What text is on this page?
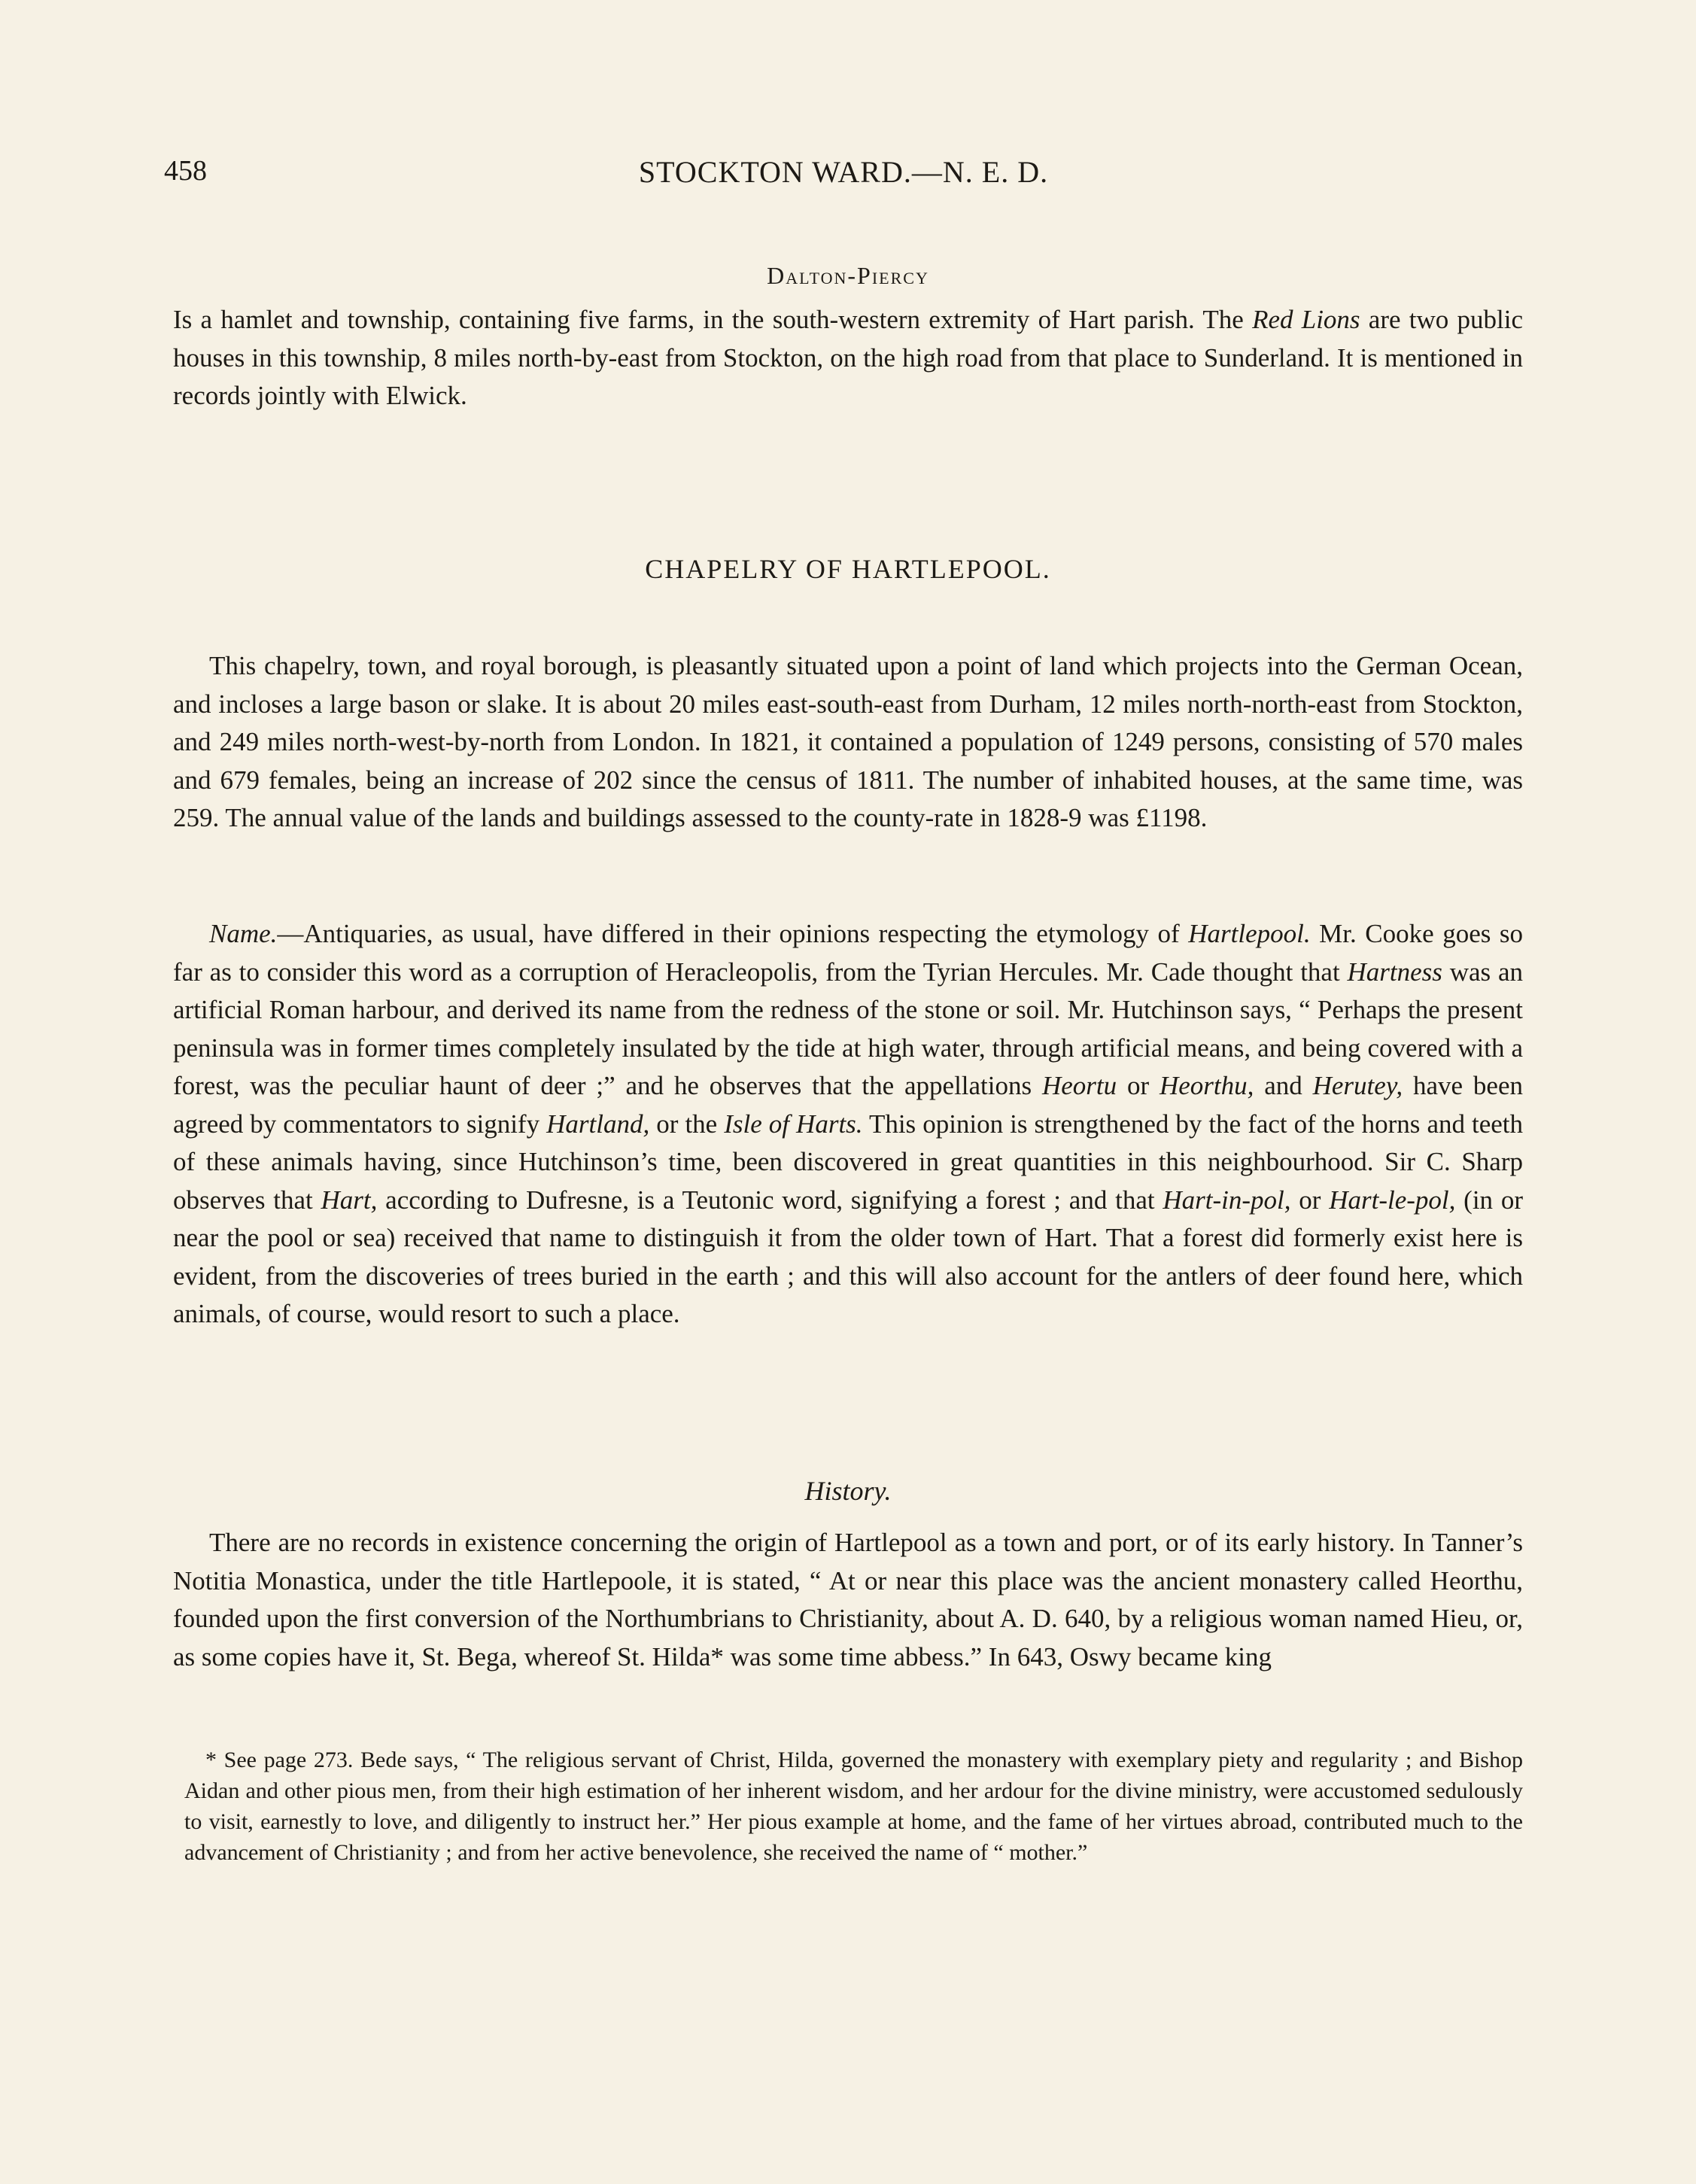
458	STOCKTON WARD.—N. E. D.
Dalton-Piercy

Is a hamlet and township, containing five farms, in the south-western extremity of Hart parish. The Red Lions are two public houses in this township, 8 miles north-by-east from Stockton, on the high road from that place to Sunderland. It is mentioned in records jointly with Elwick.

CHAPELRY OF HARTLEPOOL.

This chapelry, town, and royal borough, is pleasantly situated upon a point of land which projects into the German Ocean, and incloses a large bason or slake. It is about 20 miles east-south-east from Durham, 12 miles north-north-east from Stockton, and 249 miles north-west-by-north from London. In 1821, it contained a population of 1249 persons, consisting of 570 males and 679 females, being an increase of 202 since the census of 1811. The number of inhabited houses, at the same time, was 259. The annual value of the lands and buildings assessed to the county-rate in 1828-9 was £1198.

Name.—Antiquaries, as usual, have differed in their opinions respecting the etymology of Hartlepool. Mr. Cooke goes so far as to consider this word as a corruption of Heracleopolis, from the Tyrian Hercules. Mr. Cade thought that Hartness was an artificial Roman harbour, and derived its name from the redness of the stone or soil. Mr. Hutchinson says, “ Perhaps the present peninsula was in former times completely insulated by the tide at high water, through artificial means, and being covered with a forest, was the peculiar haunt of deer ;” and he observes that the appellations Heortu or Heorthu, and Herutey, have been agreed by commentators to signify Hartland, or the Isle of Harts. This opinion is strengthened by the fact of the horns and teeth of these animals having, since Hutchinson’s time, been discovered in great quantities in this neighbourhood. Sir C. Sharp observes that Hart, according to Dufresne, is a Teutonic word, signifying a forest ; and that Hart-in-pol, or Hart-le-pol, (in or near the pool or sea) received that name to distinguish it from the older town of Hart. That a forest did formerly exist here is evident, from the discoveries of trees buried in the earth ; and this will also account for the antlers of deer found here, which animals, of course, would resort to such a place.

History.

There are no records in existence concerning the origin of Hartlepool as a town and port, or of its early history. In Tanner’s Notitia Monastica, under the title Hartlepoole, it is stated, “ At or near this place was the ancient monastery called Heorthu, founded upon the first conversion of the Northumbrians to Christianity, about A. D. 640, by a religious woman named Hieu, or, as some copies have it, St. Bega, whereof St. Hilda* was some time abbess.” In 643, Oswy became king

* See page 273. Bede says, “ The religious servant of Christ, Hilda, governed the monastery with exemplary piety and regularity ; and Bishop Aidan and other pious men, from their high estimation of her inherent wisdom, and her ardour for the divine ministry, were accustomed sedulously to visit, earnestly to love, and diligently to instruct her.” Her pious example at home, and the fame of her virtues abroad, contributed much to the advancement of Christianity ; and from her active benevolence, she received the name of “ mother.”
